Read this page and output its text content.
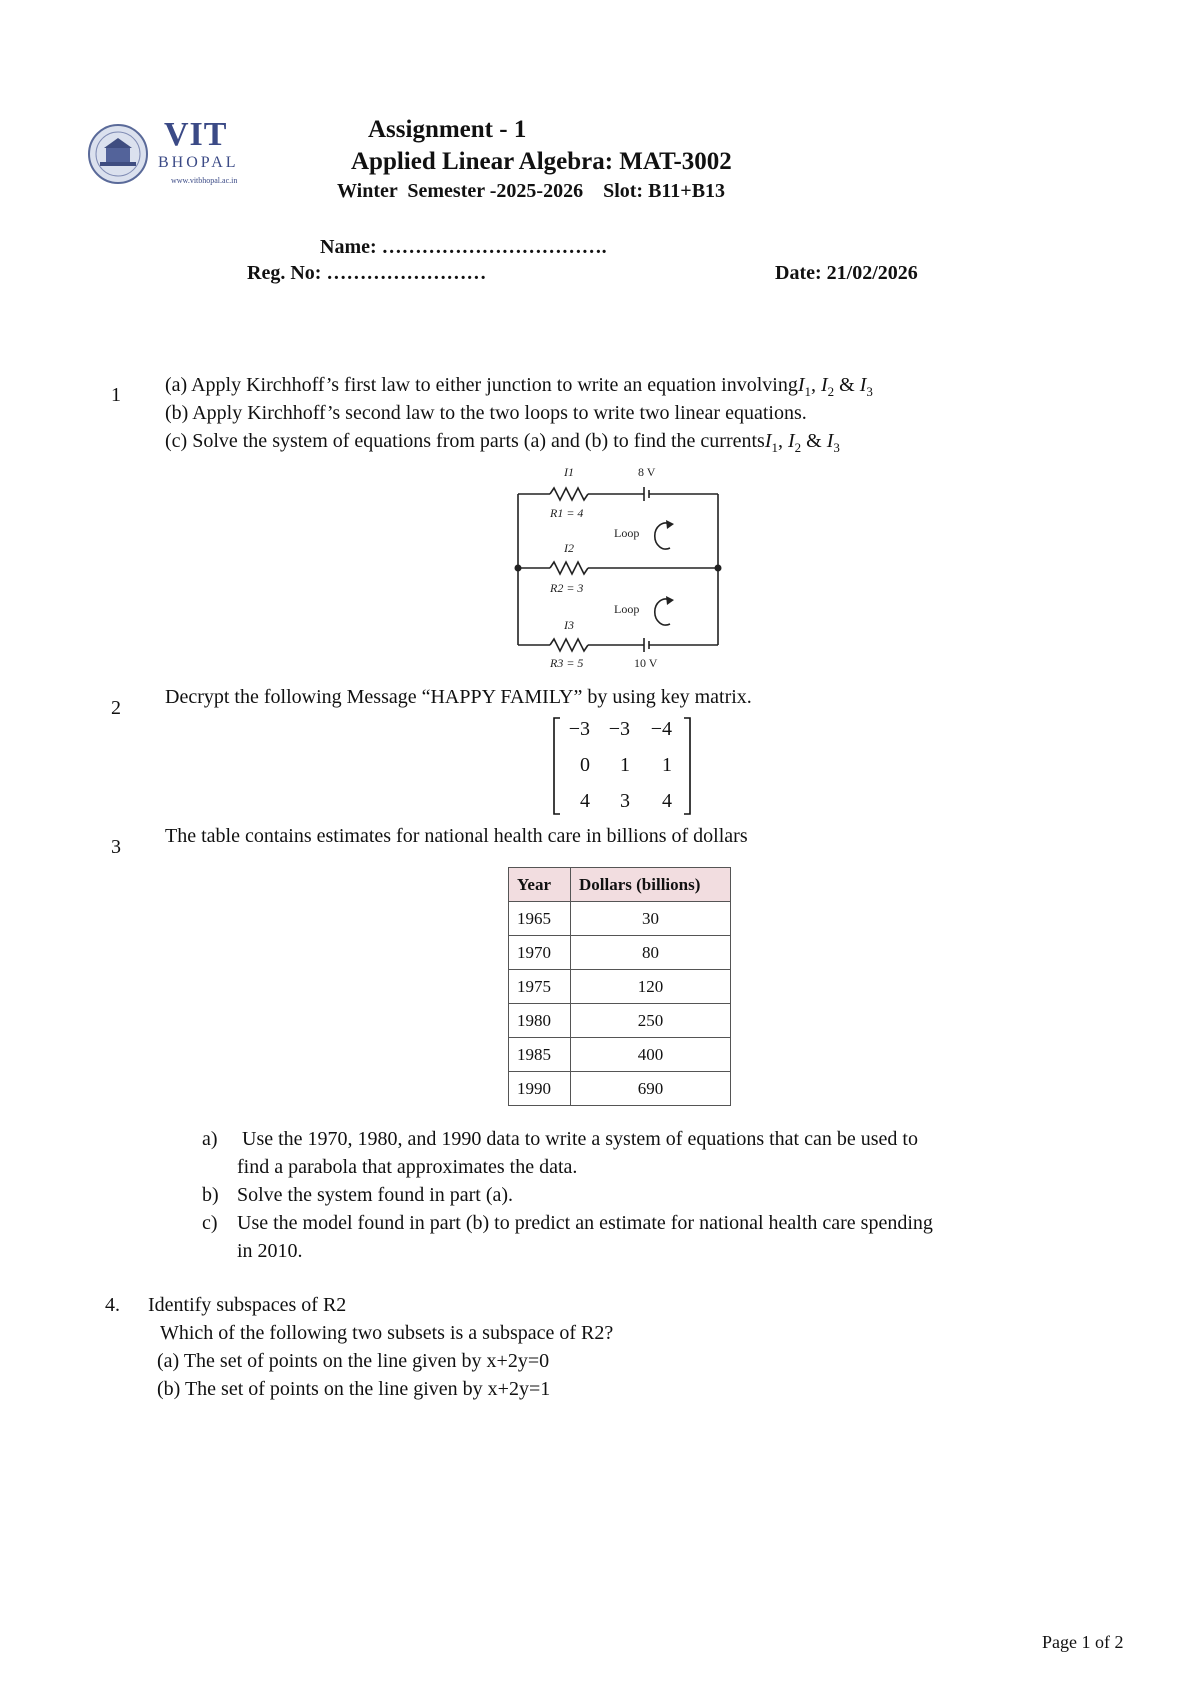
VIT
BHOPAL
www.vitbhopal.ac.in
Assignment - 1
Applied Linear Algebra: MAT-3002
Winter  Semester -2025-2026    Slot: B11+B13
Name: …………………………….
Reg. No: ……………………	Date: 21/02/2026
1 (a) Apply Kirchhoff’s first law to either junction to write an equation involvingI$_1$, $I_2$ & $I_3$
(b) Apply Kirchhoff’s second law to the two loops to write two linear equations.
(c) Solve the system of equations from parts (a) and (b) to find the currentsI$_1$, $I_2$ & $I_3$
I1
R1 = 4
8 V
Loop
I2
R2 = 3
Loop
I3
R3 = 5	10 V
2 Decrypt the following Message “HAPPY FAMILY” by using key matrix.
−3 −3	−4
0	1	1
4	3	4
3 The table contains estimates for national health care in billions of dollars
Year	Dollars (billions)
1965	30
1970	80
1975	120
1980	250
1985	400
1990	690
a) Use the 1970, 1980, and 1990 data to write a system of equations that can be used to
find a parabola that approximates the data.
b) Solve the system found in part (a).
c) Use the model found in part (b) to predict an estimate for national health care spending
in 2010.
4. Identify subspaces of R2
Which of the following two subsets is a subspace of R2?
(a) The set of points on the line given by x+2y=0
(b) The set of points on the line given by x+2y=1
Page 1 of 2
